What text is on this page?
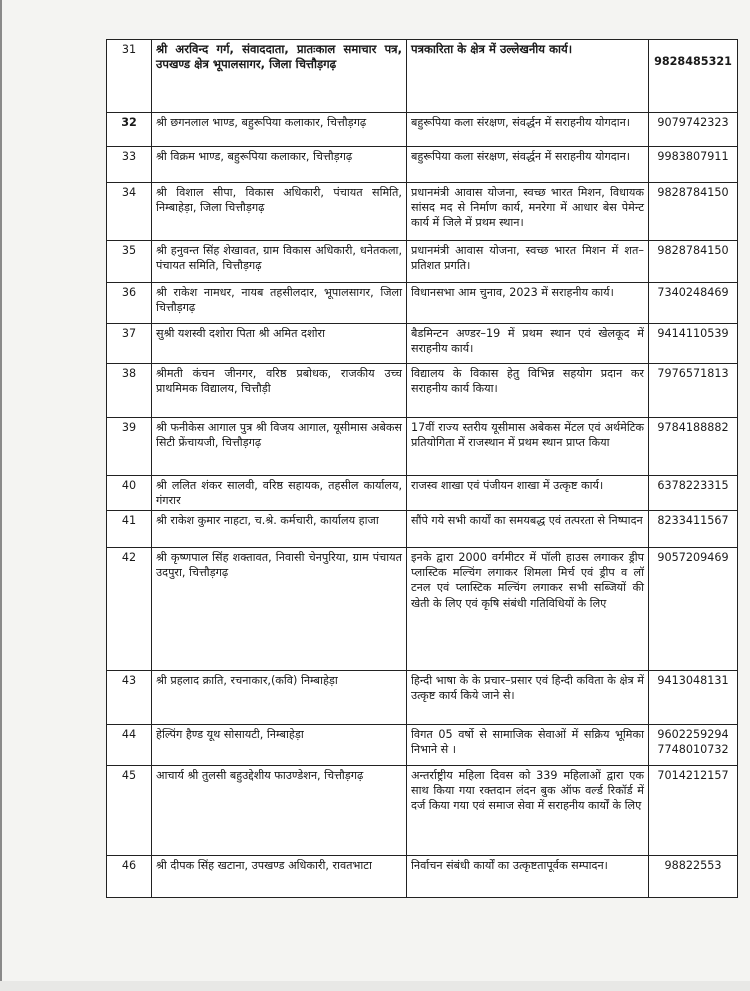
31	श्री अरविन्द गर्ग, संवाददाता, प्रातःकाल समाचार पत्र, उपखण्ड क्षेत्र भूपालसागर, जिला चित्तौड़गढ़	पत्रकारिता के क्षेत्र में उल्लेखनीय कार्य।	9828485321

32	श्री छगनलाल भाण्ड, बहुरूपिया कलाकार, चित्तौड़गढ़	बहुरूपिया कला संरक्षण, संवर्द्धन में सराहनीय योगदान।	9079742323

33	श्री विक्रम भाण्ड, बहुरूपिया कलाकार, चित्तौड़गढ़	बहुरूपिया कला संरक्षण, संवर्द्धन में सराहनीय योगदान।	9983807911

34	श्री विशाल सीपा, विकास अधिकारी, पंचायत समिति, निम्बाहेड़ा, जिला चित्तौड़गढ़	प्रधानमंत्री आवास योजना, स्वच्छ भारत मिशन, विधायक सांसद मद से निर्माण कार्य, मनरेगा में आधार बेस पेमेन्ट कार्य में जिले में प्रथम स्थान।	9828784150

35	श्री हनुवन्त सिंह शेखावत, ग्राम विकास अधिकारी, धनेतकला, पंचायत समिति, चित्तौड़गढ़	प्रधानमंत्री आवास योजना, स्वच्छ भारत मिशन में शत–प्रतिशत प्रगति।	9828784150

36	श्री राकेश नामधर, नायब तहसीलदार, भूपालसागर, जिला चित्तौड़गढ़	विधानसभा आम चुनाव, 2023 में सराहनीय कार्य।	7340248469

37	सुश्री यशस्वी दशोरा पिता श्री अमित दशोरा	बैडमिन्टन अण्डर–19 में प्रथम स्थान एवं खेलकूद में सराहनीय कार्य।	9414110539

38	श्रीमती कंचन जीनगर, वरिष्ठ प्रबोधक, राजकीय उच्च प्राथमिमक विद्यालय, चित्तौड़ी	विद्यालय के विकास हेतु विभिन्न सहयोग प्रदान कर सराहनीय कार्य किया।	7976571813

39	श्री फनीकेस आगाल पुत्र श्री विजय आगाल, यूसीमास अबेकस सिटी फ्रेंचायजी, चित्तौड़गढ़	17वीं राज्य स्तरीय यूसीमास अबेकस मेंटल एवं अर्थमेटिक प्रतियोगिता में राजस्थान में प्रथम स्थान प्राप्त किया	9784188882

40	श्री ललित शंकर सालवी, वरिष्ठ सहायक, तहसील कार्यालय, गंगरार	राजस्व शाखा एवं पंजीयन शाखा में उत्कृष्ट कार्य।	6378223315

41	श्री राकेश कुमार नाहटा, च.श्रे. कर्मचारी, कार्यालय हाजा	सौंपे गये सभी कार्यों का समयबद्ध एवं तत्परता से निष्पादन	8233411567

42	श्री कृष्णपाल सिंह शक्तावत, निवासी चेनपुरिया, ग्राम पंचायत उदपुरा, चित्तौड़गढ़	इनके द्वारा 2000 वर्गमीटर में पॉली हाउस लगाकर ड्रीप प्लास्टिक मल्चिंग लगाकर शिमला मिर्च एवं ड्रीप व लॉ टनल एवं प्लास्टिक मल्चिंग लगाकर सभी सब्जियों की खेती के लिए एवं कृषि संबंधी गतिविधियों के लिए	9057209469

43	श्री प्रहलाद क्राति, रचनाकार,(कवि) निम्बाहेड़ा	हिन्दी भाषा के के प्रचार–प्रसार एवं हिन्दी कविता के क्षेत्र में उत्कृष्ट कार्य किये जाने से।	9413048131

44	हेल्पिंग हैण्ड यूथ सोसायटी, निम्बाहेड़ा	विगत 05 वर्षो से सामाजिक सेवाओं में सक्रिय भूमिका निभाने से ।	9602259294
7748010732

45	आचार्य श्री तुलसी बहुउद्देशीय फाउण्डेशन, चित्तौड़गढ़	अन्तर्राष्ट्रीय महिला दिवस को 339 महिलाओं द्वारा एक साथ किया गया रक्तदान लंदन बुक ऑफ वर्ल्ड रिकॉर्ड में दर्ज किया गया एवं समाज सेवा में सराहनीय कार्यों के लिए	7014212157

46	श्री दीपक सिंह खटाना, उपखण्ड अधिकारी, रावतभाटा	निर्वाचन संबंधी कार्यों का उत्कृष्टतापूर्वक सम्पादन।	98822553
